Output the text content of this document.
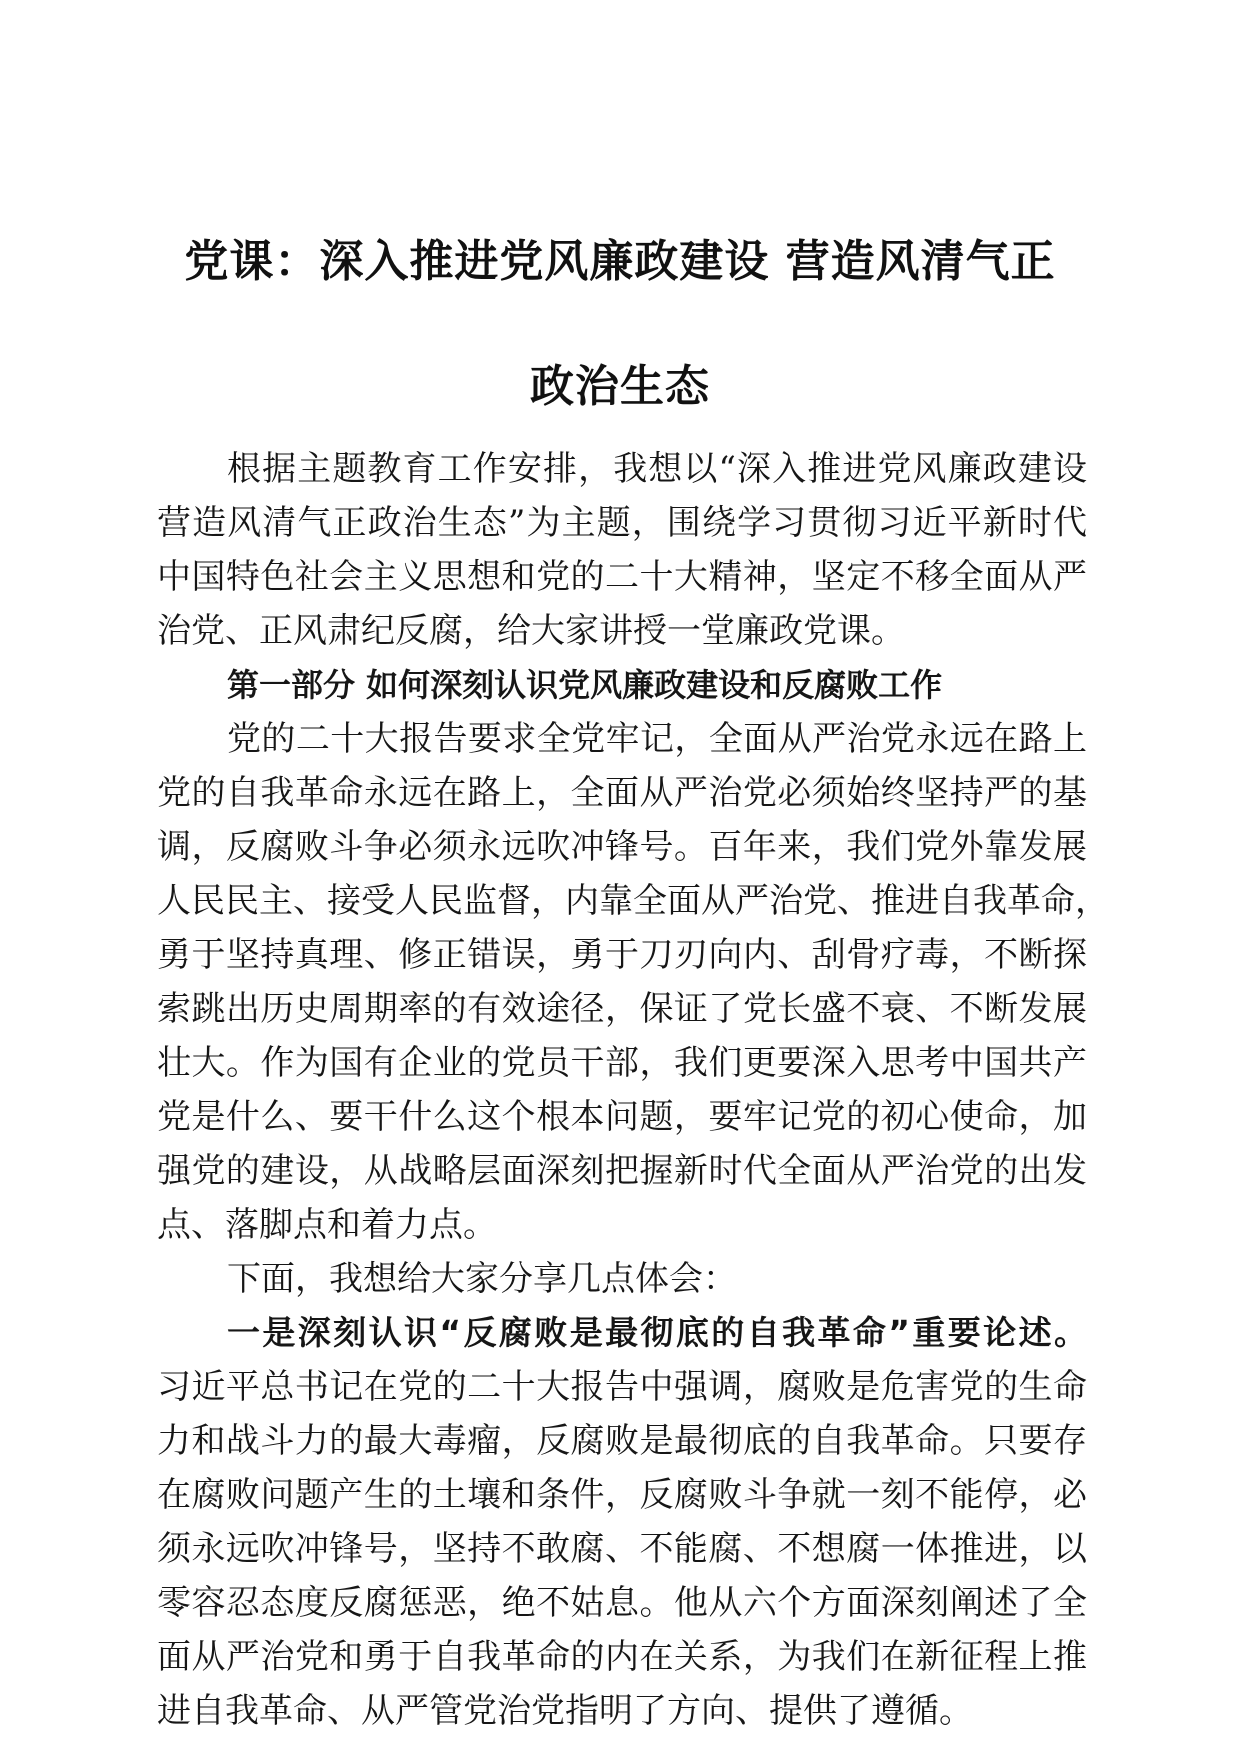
党课：深入推进党风廉政建设 营造风清气正
政治生态
根据主题教育工作安排，我想以“深入推进党风廉政建设
营造风清气正政治生态”为主题，围绕学习贯彻习近平新时代
中国特色社会主义思想和党的二十大精神，坚定不移全面从严
治党、正风肃纪反腐，给大家讲授一堂廉政党课。
第一部分 如何深刻认识党风廉政建设和反腐败工作
党的二十大报告要求全党牢记，全面从严治党永远在路上
党的自我革命永远在路上，全面从严治党必须始终坚持严的基
调，反腐败斗争必须永远吹冲锋号。百年来，我们党外靠发展
人民民主、接受人民监督，内靠全面从严治党、推进自我革命，
勇于坚持真理、修正错误，勇于刀刃向内、刮骨疗毒，不断探
索跳出历史周期率的有效途径，保证了党长盛不衰、不断发展
壮大。作为国有企业的党员干部，我们更要深入思考中国共产
党是什么、要干什么这个根本问题，要牢记党的初心使命，加
强党的建设，从战略层面深刻把握新时代全面从严治党的出发
点、落脚点和着力点。
下面，我想给大家分享几点体会：
一是深刻认识“反腐败是最彻底的自我革命”重要论述。
习近平总书记在党的二十大报告中强调，腐败是危害党的生命
力和战斗力的最大毒瘤，反腐败是最彻底的自我革命。只要存
在腐败问题产生的土壤和条件，反腐败斗争就一刻不能停，必
须永远吹冲锋号，坚持不敢腐、不能腐、不想腐一体推进，以
零容忍态度反腐惩恶，绝不姑息。他从六个方面深刻阐述了全
面从严治党和勇于自我革命的内在关系，为我们在新征程上推
进自我革命、从严管党治党指明了方向、提供了遵循。
